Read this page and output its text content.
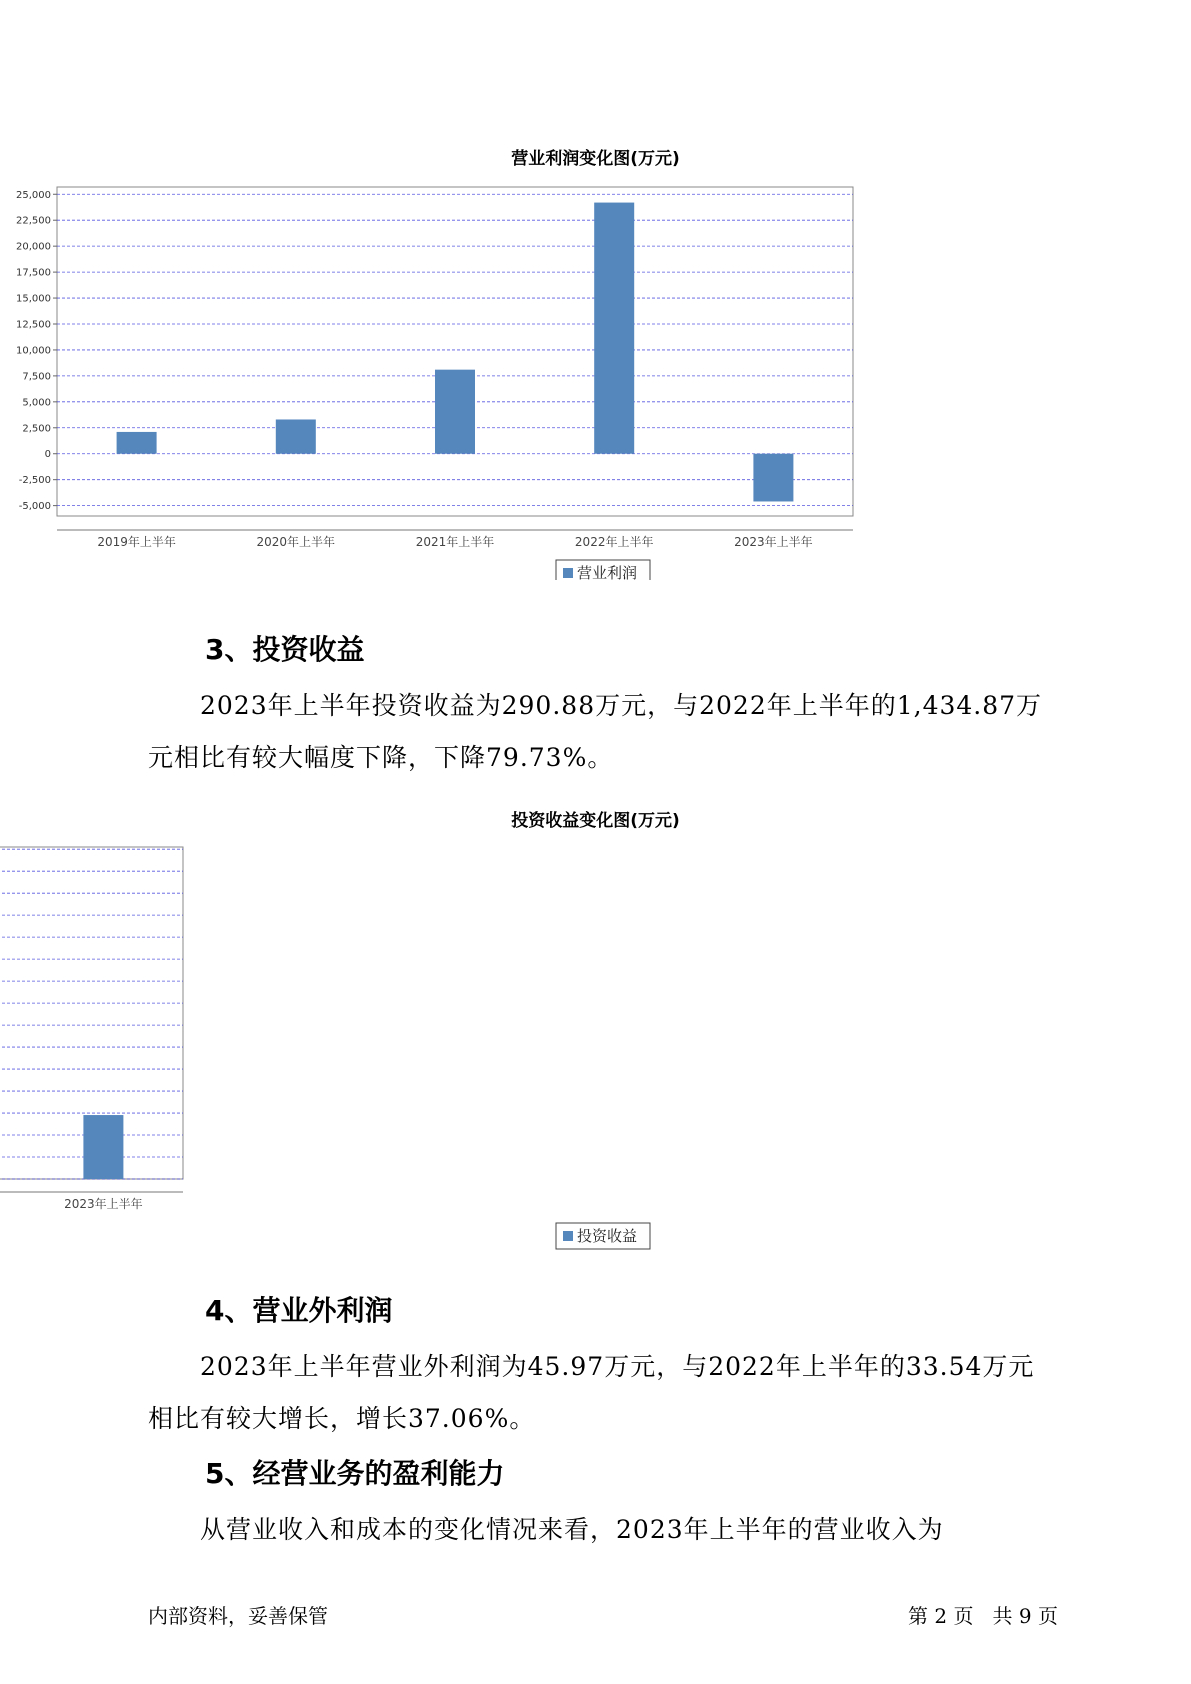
营业利润变化图(万元)
-5,000
-2,500
0
2,500
5,000
7,500
10,000
12,500
15,000
17,500
20,000
22,500
25,000
2019年上半年	2020年上半年	2021年上半年	2022年上半年	2023年上半年
营业利润
3、投资收益
2023年上半年投资收益为290.88万元，与2022年上半年的1,434.87万
元相比有较大幅度下降，下降79.73%。
投资收益变化图(万元)
2023年上半年
投资收益
4、营业外利润
2023年上半年营业外利润为45.97万元，与2022年上半年的33.54万元
相比有较大增长，增长37.06%。
5、经营业务的盈利能力
从营业收入和成本的变化情况来看，2023年上半年的营业收入为
内部资料，妥善保管	第 2 页   共 9 页
